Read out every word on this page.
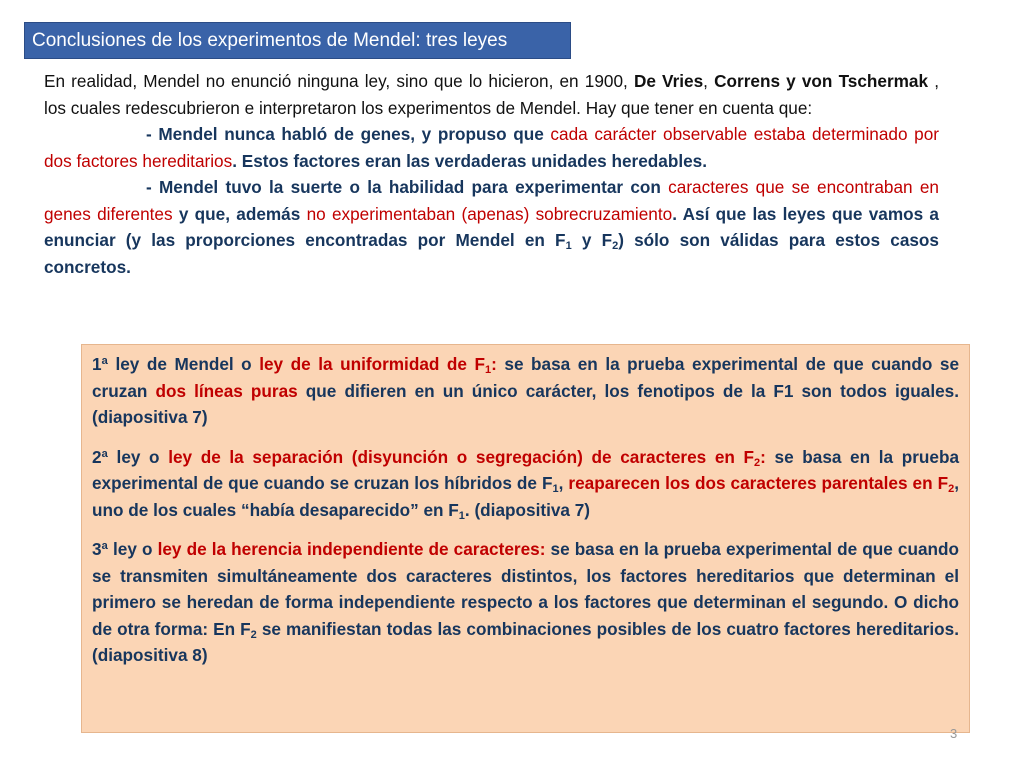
Conclusiones de los experimentos de Mendel: tres leyes

En realidad, Mendel no enunció ninguna ley, sino que lo hicieron, en 1900, De Vries, Correns y von Tschermak , los cuales redescubrieron e interpretaron los experimentos de Mendel. Hay que tener en cuenta que:

- Mendel nunca habló de genes, y propuso que cada carácter observable estaba determinado por dos factores hereditarios. Estos factores eran las verdaderas unidades heredables.

- Mendel tuvo la suerte o la habilidad para experimentar con caracteres que se encontraban en genes diferentes y que, además no experimentaban (apenas) sobrecruzamiento. Así que las leyes que vamos a enunciar (y las proporciones encontradas por Mendel en $F_1$ y $F_2$) sólo son válidas para estos casos concretos.

1ª ley de Mendel o ley de la uniformidad de $F_1$: se basa en la prueba experimental de que cuando se cruzan dos líneas puras que difieren en un único carácter, los fenotipos de la F1 son todos iguales.(diapositiva 7)

2ª ley o ley de la separación (disyunción o segregación) de caracteres en $F_2$: se basa en la prueba experimental de que cuando se cruzan los híbridos de $F_1$, reaparecen los dos caracteres parentales en $F_2$, uno de los cuales “había desaparecido” en $F_1$. (diapositiva 7)

3ª ley o ley de la herencia independiente de caracteres: se basa en la prueba experimental de que cuando se transmiten simultáneamente dos caracteres distintos, los factores hereditarios que determinan el primero se heredan de forma independiente respecto a los factores que determinan el segundo. O dicho de otra forma: En $F_2$ se manifiestan todas las combinaciones posibles de los cuatro factores hereditarios. (diapositiva 8)

3
